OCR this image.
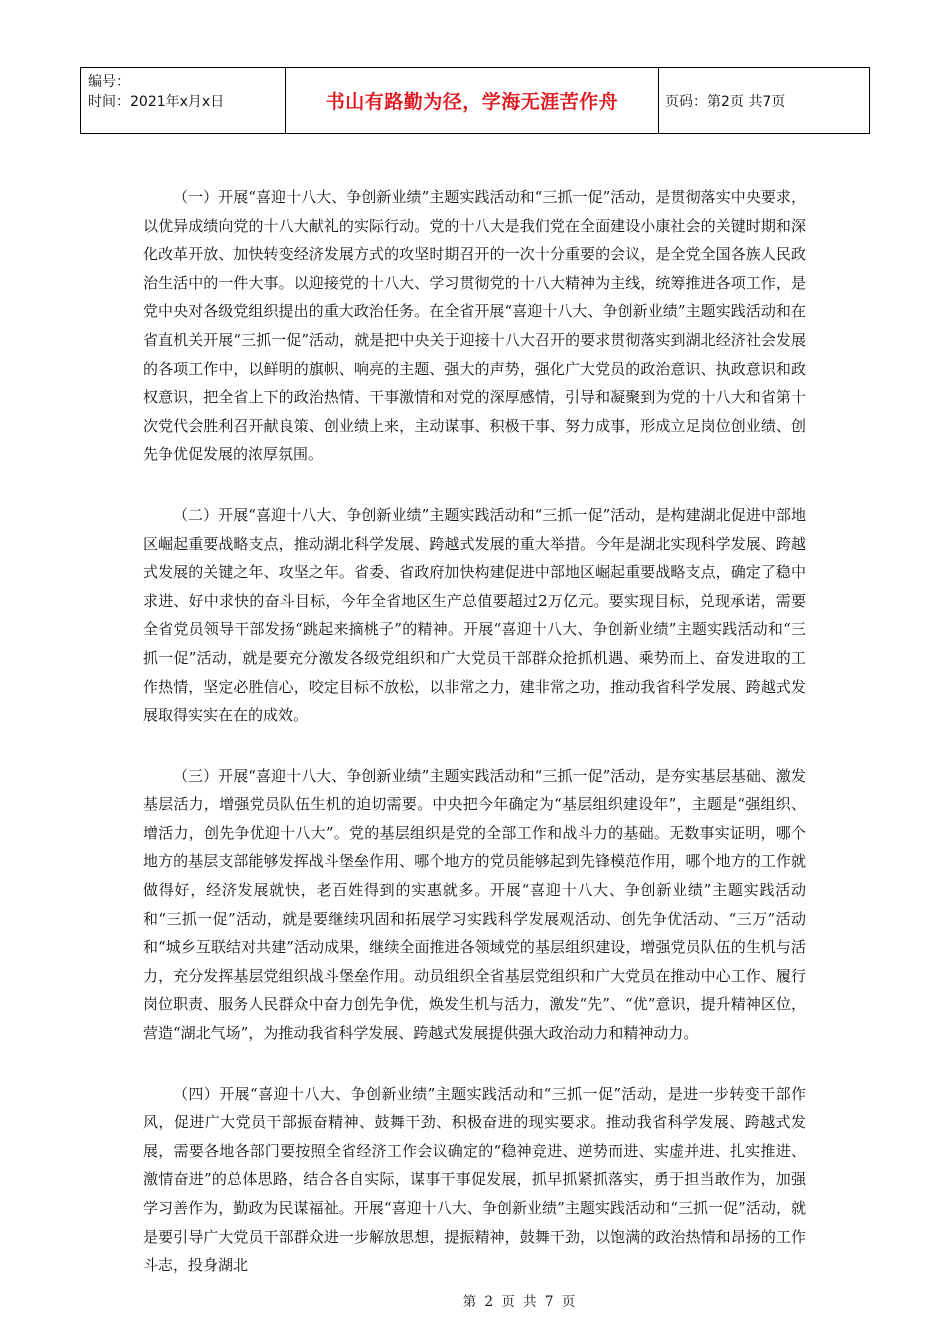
编号：
时间：2021年x月x日	书山有路勤为径，学海无涯苦作舟	页码：第2页 共7页

（一）开展“喜迎十八大、争创新业绩”主题实践活动和“三抓一促”活动，是贯彻落实中央要求，以优异成绩向党的十八大献礼的实际行动。党的十八大是我们党在全面建设小康社会的关键时期和深化改革开放、加快转变经济发展方式的攻坚时期召开的一次十分重要的会议，是全党全国各族人民政治生活中的一件大事。以迎接党的十八大、学习贯彻党的十八大精神为主线，统筹推进各项工作，是党中央对各级党组织提出的重大政治任务。在全省开展“喜迎十八大、争创新业绩”主题实践活动和在省直机关开展“三抓一促”活动，就是把中央关于迎接十八大召开的要求贯彻落实到湖北经济社会发展的各项工作中，以鲜明的旗帜、响亮的主题、强大的声势，强化广大党员的政治意识、执政意识和政权意识，把全省上下的政治热情、干事激情和对党的深厚感情，引导和凝聚到为党的十八大和省第十次党代会胜利召开献良策、创业绩上来，主动谋事、积极干事、努力成事，形成立足岗位创业绩、创先争优促发展的浓厚氛围。

（二）开展“喜迎十八大、争创新业绩”主题实践活动和“三抓一促”活动，是构建湖北促进中部地区崛起重要战略支点，推动湖北科学发展、跨越式发展的重大举措。今年是湖北实现科学发展、跨越式发展的关键之年、攻坚之年。省委、省政府加快构建促进中部地区崛起重要战略支点，确定了稳中求进、好中求快的奋斗目标，今年全省地区生产总值要超过2万亿元。要实现目标，兑现承诺，需要全省党员领导干部发扬“跳起来摘桃子”的精神。开展“喜迎十八大、争创新业绩”主题实践活动和“三抓一促”活动，就是要充分激发各级党组织和广大党员干部群众抢抓机遇、乘势而上、奋发进取的工作热情，坚定必胜信心，咬定目标不放松，以非常之力，建非常之功，推动我省科学发展、跨越式发展取得实实在在的成效。

（三）开展“喜迎十八大、争创新业绩”主题实践活动和“三抓一促”活动，是夯实基层基础、激发基层活力，增强党员队伍生机的迫切需要。中央把今年确定为“基层组织建设年”，主题是“强组织、增活力，创先争优迎十八大”。党的基层组织是党的全部工作和战斗力的基础。无数事实证明，哪个地方的基层支部能够发挥战斗堡垒作用、哪个地方的党员能够起到先锋模范作用，哪个地方的工作就做得好，经济发展就快，老百姓得到的实惠就多。开展“喜迎十八大、争创新业绩”主题实践活动和“三抓一促”活动，就是要继续巩固和拓展学习实践科学发展观活动、创先争优活动、“三万”活动和“城乡互联结对共建”活动成果，继续全面推进各领域党的基层组织建设，增强党员队伍的生机与活力，充分发挥基层党组织战斗堡垒作用。动员组织全省基层党组织和广大党员在推动中心工作、履行岗位职责、服务人民群众中奋力创先争优，焕发生机与活力，激发“先”、“优”意识，提升精神区位，营造“湖北气场”，为推动我省科学发展、跨越式发展提供强大政治动力和精神动力。

（四）开展“喜迎十八大、争创新业绩”主题实践活动和“三抓一促”活动，是进一步转变干部作风，促进广大党员干部振奋精神、鼓舞干劲、积极奋进的现实要求。推动我省科学发展、跨越式发展，需要各地各部门要按照全省经济工作会议确定的“稳神竞进、逆势而进、实虚并进、扎实推进、激情奋进”的总体思路，结合各自实际，谋事干事促发展，抓早抓紧抓落实，勇于担当敢作为，加强学习善作为，勤政为民谋福祉。开展“喜迎十八大、争创新业绩”主题实践活动和“三抓一促”活动，就是要引导广大党员干部群众进一步解放思想，提振精神，鼓舞干劲，以饱满的政治热情和昂扬的工作斗志，投身湖北

第 2 页 共 7 页
